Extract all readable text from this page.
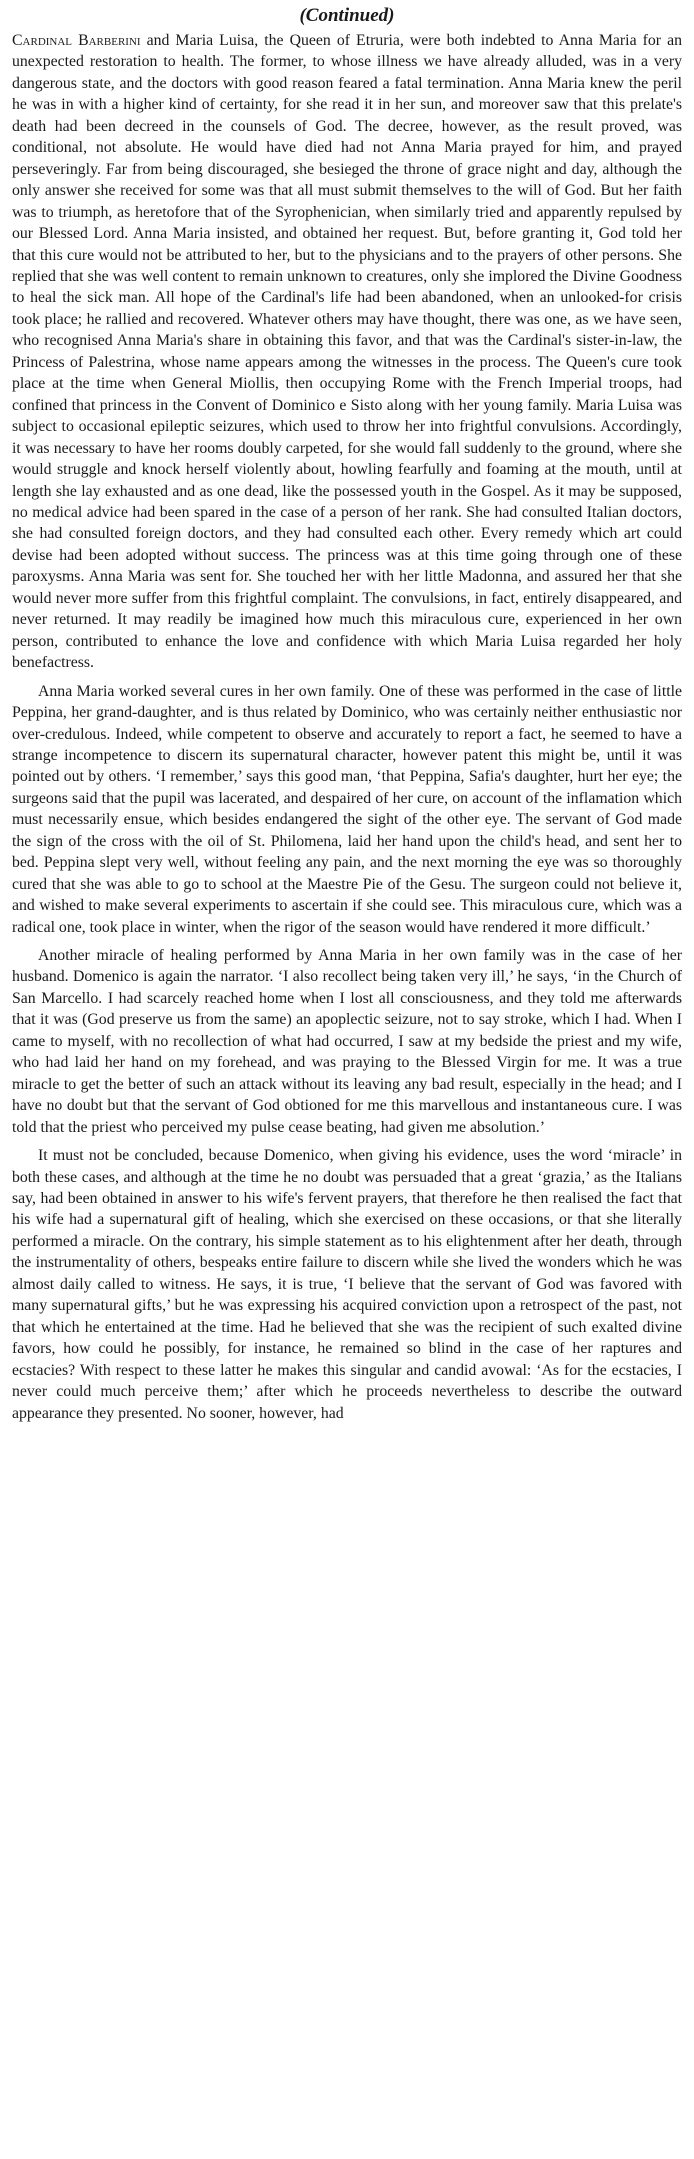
(Continued)

Cardinal Barberini and Maria Luisa, the Queen of Etruria, were both indebted to Anna Maria for an unexpected restoration to health. The former, to whose illness we have already alluded, was in a very dangerous state, and the doctors with good reason feared a fatal termination. Anna Maria knew the peril he was in with a higher kind of certainty, for she read it in her sun, and moreover saw that this prelate's death had been decreed in the counsels of God. The decree, however, as the result proved, was conditional, not absolute. He would have died had not Anna Maria prayed for him, and prayed perseveringly. Far from being discouraged, she besieged the throne of grace night and day, although the only answer she received for some was that all must submit themselves to the will of God. But her faith was to triumph, as heretofore that of the Syrophenician, when similarly tried and apparently repulsed by our Blessed Lord. Anna Maria insisted, and obtained her request. But, before granting it, God told her that this cure would not be attributed to her, but to the physicians and to the prayers of other persons. She replied that she was well content to remain unknown to creatures, only she implored the Divine Goodness to heal the sick man. All hope of the Cardinal's life had been abandoned, when an unlooked-for crisis took place; he rallied and recovered. Whatever others may have thought, there was one, as we have seen, who recognised Anna Maria's share in obtaining this favor, and that was the Cardinal's sister-in-law, the Princess of Palestrina, whose name appears among the witnesses in the process. The Queen's cure took place at the time when General Miollis, then occupying Rome with the French Imperial troops, had confined that princess in the Convent of Dominico e Sisto along with her young family. Maria Luisa was subject to occasional epileptic seizures, which used to throw her into frightful convulsions. Accordingly, it was necessary to have her rooms doubly carpeted, for she would fall suddenly to the ground, where she would struggle and knock herself violently about, howling fearfully and foaming at the mouth, until at length she lay exhausted and as one dead, like the possessed youth in the Gospel. As it may be supposed, no medical advice had been spared in the case of a person of her rank. She had consulted Italian doctors, she had consulted foreign doctors, and they had consulted each other. Every remedy which art could devise had been adopted without success. The princess was at this time going through one of these paroxysms. Anna Maria was sent for. She touched her with her little Madonna, and assured her that she would never more suffer from this frightful complaint. The convulsions, in fact, entirely disappeared, and never returned. It may readily be imagined how much this miraculous cure, experienced in her own person, contributed to enhance the love and confidence with which Maria Luisa regarded her holy benefactress.

Anna Maria worked several cures in her own family. One of these was performed in the case of little Peppina, her grand-daughter, and is thus related by Dominico, who was certainly neither enthusiastic nor over-credulous. Indeed, while competent to observe and accurately to report a fact, he seemed to have a strange incompetence to discern its supernatural character, however patent this might be, until it was pointed out by others. ‘I remember,’ says this good man, ‘that Peppina, Safia's daughter, hurt her eye; the surgeons said that the pupil was lacerated, and despaired of her cure, on account of the inflamation which must necessarily ensue, which besides endangered the sight of the other eye. The servant of God made the sign of the cross with the oil of St. Philomena, laid her hand upon the child's head, and sent her to bed. Peppina slept very well, without feeling any pain, and the next morning the eye was so thoroughly cured that she was able to go to school at the Maestre Pie of the Gesu. The surgeon could not believe it, and wished to make several experiments to ascertain if she could see. This miraculous cure, which was a radical one, took place in winter, when the rigor of the season would have rendered it more difficult.’

Another miracle of healing performed by Anna Maria in her own family was in the case of her husband. Domenico is again the narrator. ‘I also recollect being taken very ill,’ he says, ‘in the Church of San Marcello. I had scarcely reached home when I lost all consciousness, and they told me afterwards that it was (God preserve us from the same) an apoplectic seizure, not to say stroke, which I had. When I came to myself, with no recollection of what had occurred, I saw at my bedside the priest and my wife, who had laid her hand on my forehead, and was praying to the Blessed Virgin for me. It was a true miracle to get the better of such an attack without its leaving any bad result, especially in the head; and I have no doubt but that the servant of God obtioned for me this marvellous and instantaneous cure. I was told that the priest who perceived my pulse cease beating, had given me absolution.’

It must not be concluded, because Domenico, when giving his evidence, uses the word ‘miracle’ in both these cases, and although at the time he no doubt was persuaded that a great ‘grazia,’ as the Italians say, had been obtained in answer to his wife's fervent prayers, that therefore he then realised the fact that his wife had a supernatural gift of healing, which she exercised on these occasions, or that she literally performed a miracle. On the contrary, his simple statement as to his elightenment after her death, through the instrumentality of others, bespeaks entire failure to discern while she lived the wonders which he was almost daily called to witness. He says, it is true, ‘I believe that the servant of God was favored with many supernatural gifts,’ but he was expressing his acquired conviction upon a retrospect of the past, not that which he entertained at the time. Had he believed that she was the recipient of such exalted divine favors, how could he possibly, for instance, he remained so blind in the case of her raptures and ecstacies? With respect to these latter he makes this singular and candid avowal: ‘As for the ecstacies, I never could much perceive them;’ after which he proceeds nevertheless to describe the outward appearance they presented. No sooner, however, had
